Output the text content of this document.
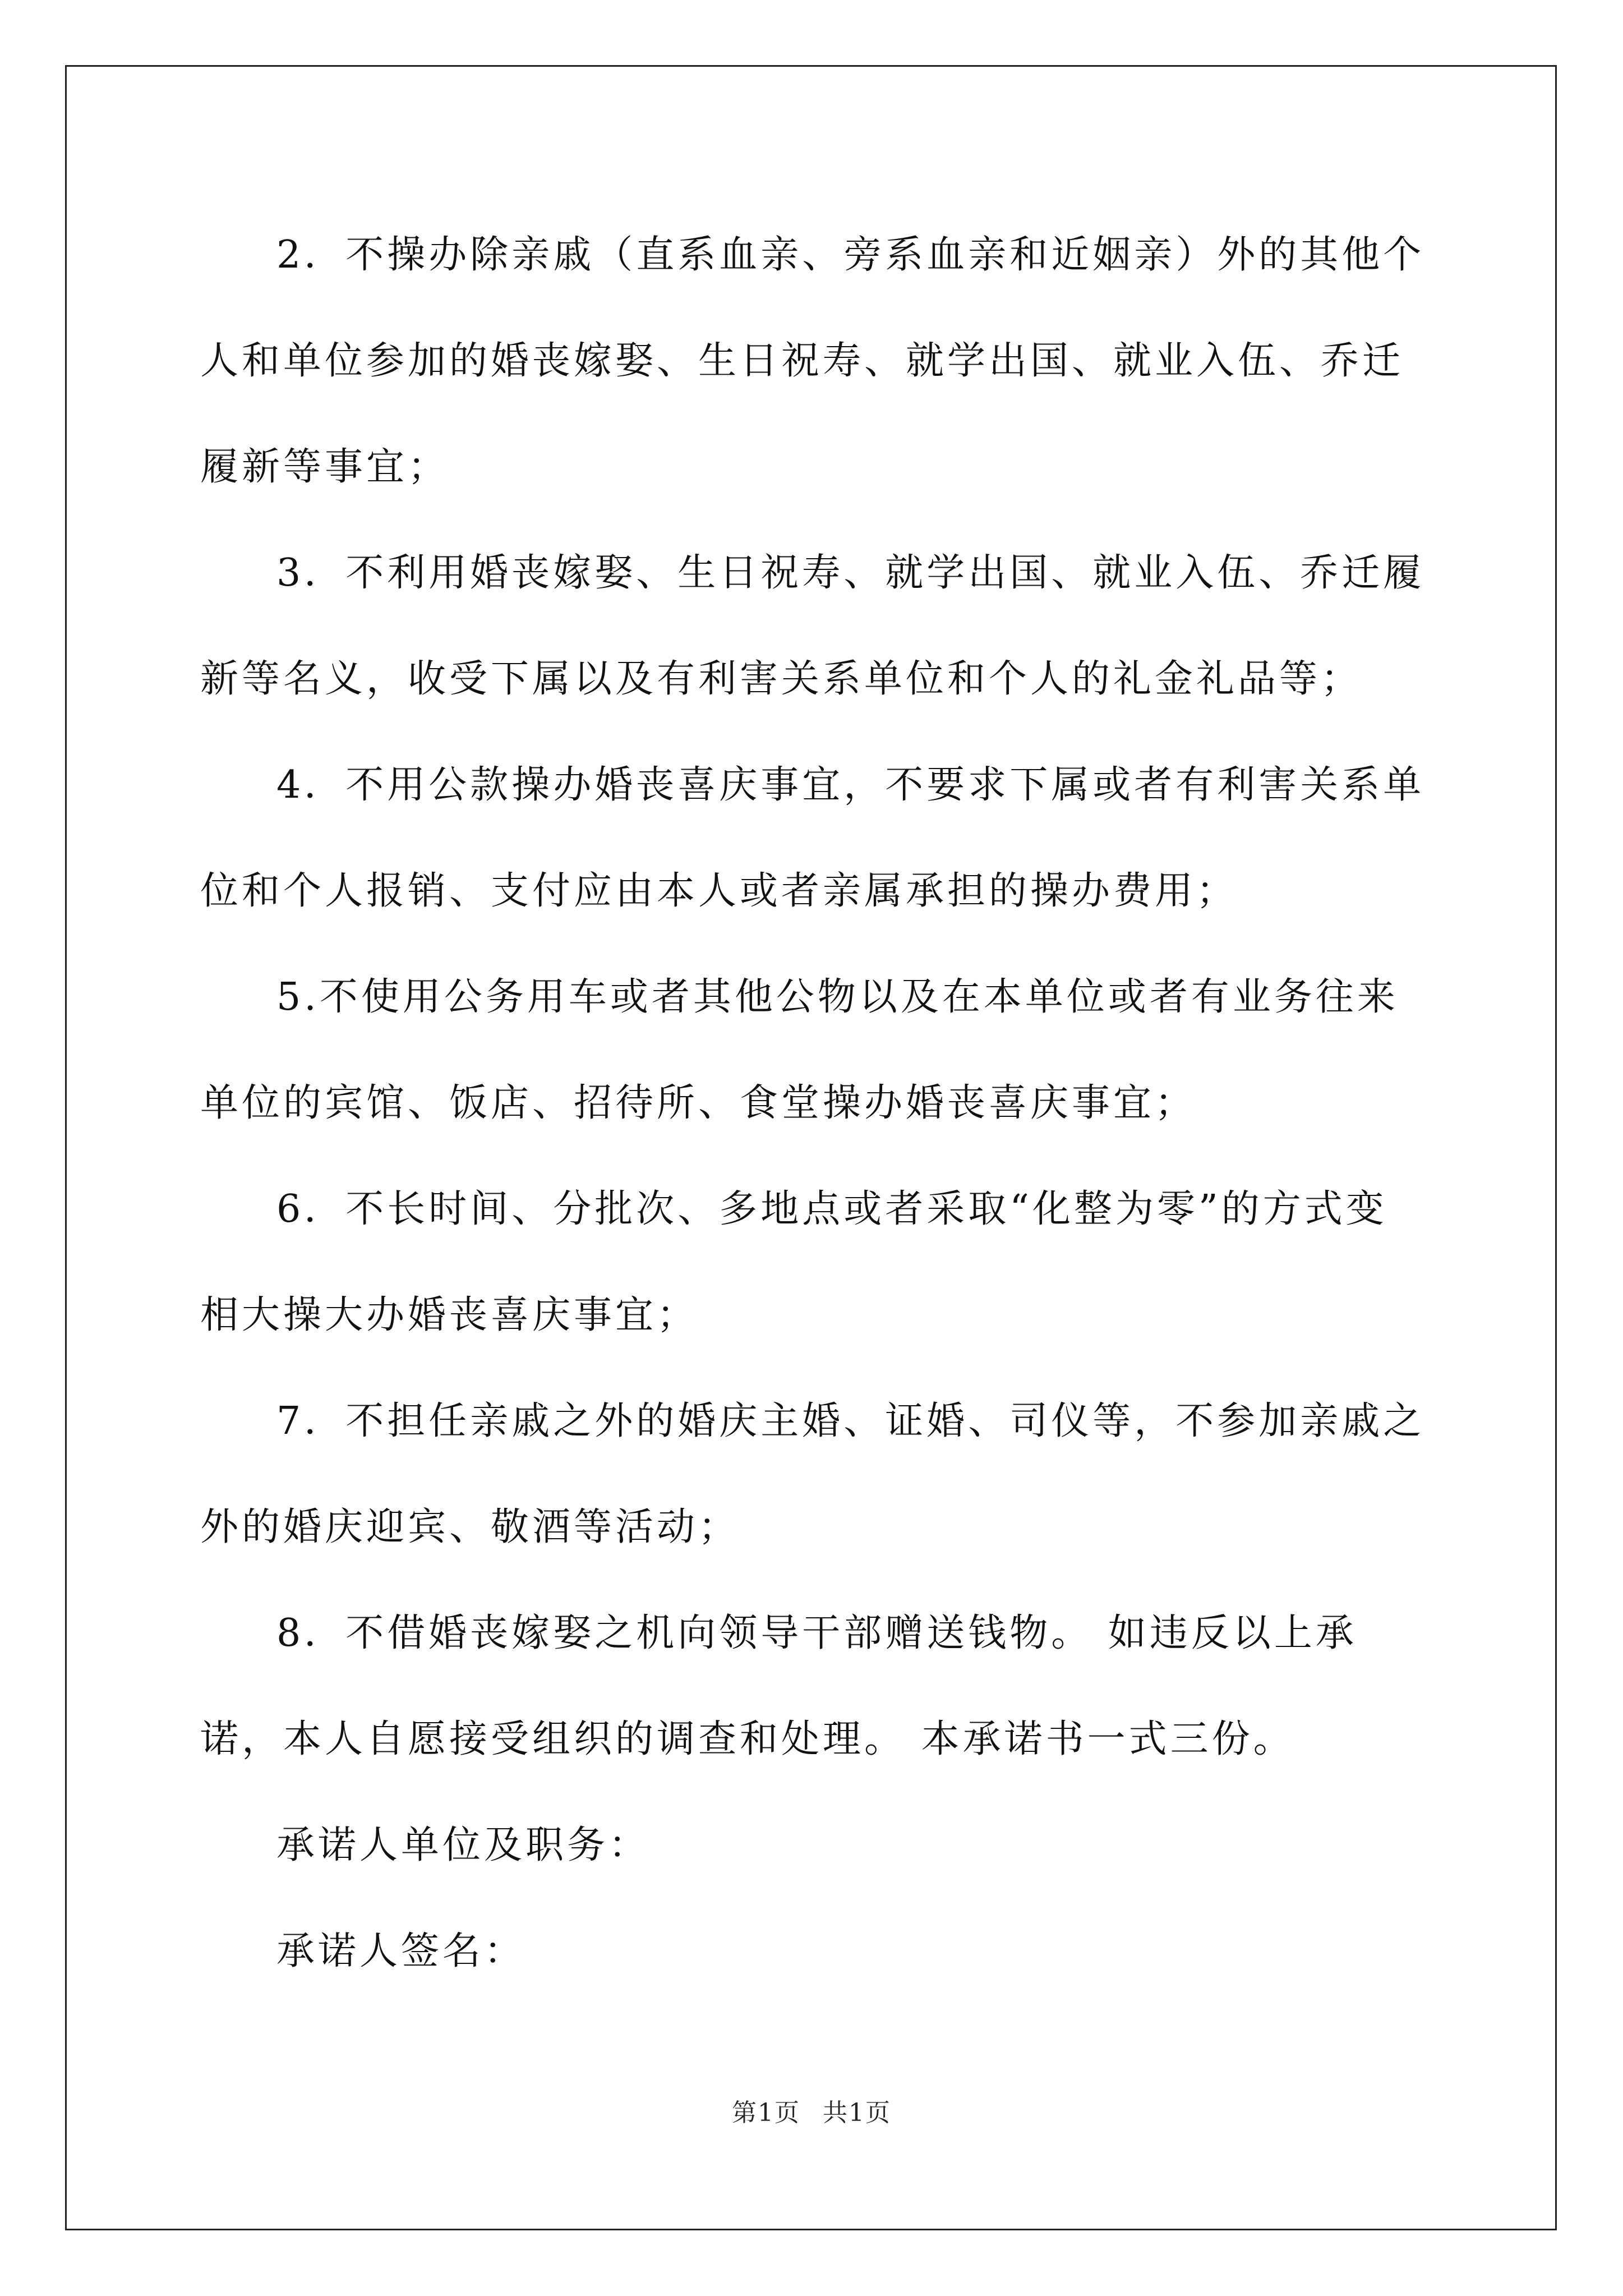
2．不操办除亲戚（直系血亲、旁系血亲和近姻亲）外的其他个人和单位参加的婚丧嫁娶、生日祝寿、就学出国、就业入伍、乔迁履新等事宜；

3．不利用婚丧嫁娶、生日祝寿、就学出国、就业入伍、乔迁履新等名义，收受下属以及有利害关系单位和个人的礼金礼品等；

4．不用公款操办婚丧喜庆事宜，不要求下属或者有利害关系单位和个人报销、支付应由本人或者亲属承担的操办费用；

5.不使用公务用车或者其他公物以及在本单位或者有业务往来单位的宾馆、饭店、招待所、食堂操办婚丧喜庆事宜；

6．不长时间、分批次、多地点或者采取“化整为零”的方式变相大操大办婚丧喜庆事宜；

7．不担任亲戚之外的婚庆主婚、证婚、司仪等，不参加亲戚之外的婚庆迎宾、敬酒等活动；

8．不借婚丧嫁娶之机向领导干部赠送钱物。 如违反以上承诺，本人自愿接受组织的调查和处理。 本承诺书一式三份。

承诺人单位及职务：

承诺人签名：

第1页 共1页
